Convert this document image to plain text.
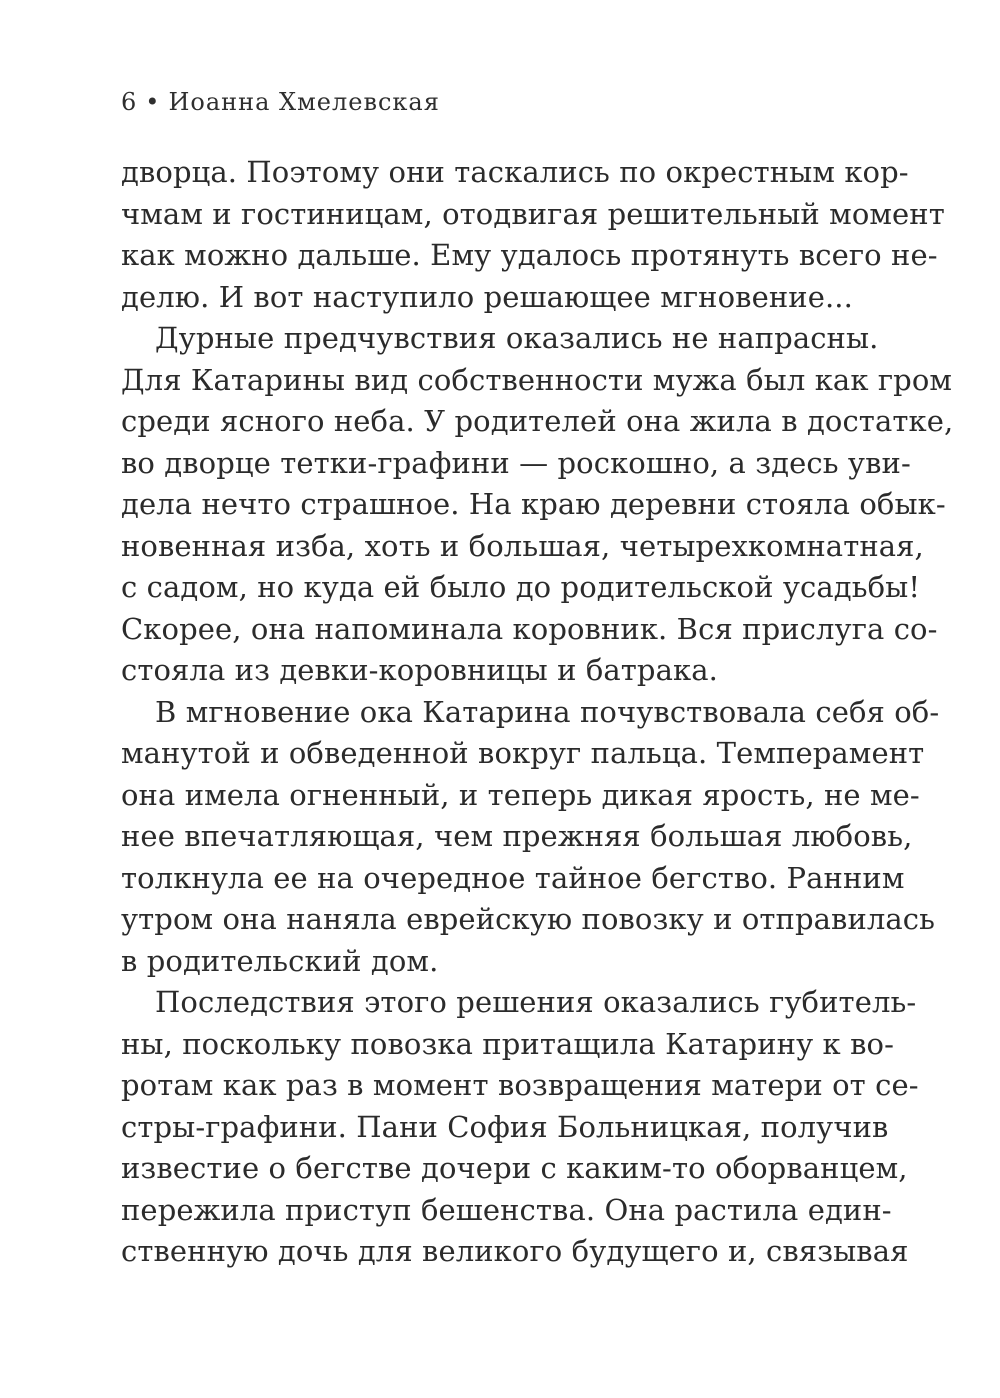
6 • Иоанна Хмелевская
дворца. Поэтому они таскались по окрестным кор-
чмам и гостиницам, отодвигая решительный момент
как можно дальше. Ему удалось протянуть всего не-
делю. И вот наступило решающее мгновение...
Дурные предчувствия оказались не напрасны.
Для Катарины вид собственности мужа был как гром
среди ясного неба. У родителей она жила в достатке,
во дворце тетки-графини — роскошно, а здесь уви-
дела нечто страшное. На краю деревни стояла обык-
новенная изба, хоть и большая, четырехкомнатная,
с садом, но куда ей было до родительской усадьбы!
Скорее, она напоминала коровник. Вся прислуга со-
стояла из девки-коровницы и батрака.
В мгновение ока Катарина почувствовала себя об-
манутой и обведенной вокруг пальца. Темперамент
она имела огненный, и теперь дикая ярость, не ме-
нее впечатляющая, чем прежняя большая любовь,
толкнула ее на очередное тайное бегство. Ранним
утром она наняла еврейскую повозку и отправилась
в родительский дом.
Последствия этого решения оказались губитель-
ны, поскольку повозка притащила Катарину к во-
ротам как раз в момент возвращения матери от се-
стры-графини. Пани София Больницкая, получив
известие о бегстве дочери с каким-то оборванцем,
пережила приступ бешенства. Она растила един-
ственную дочь для великого будущего и, связывая
